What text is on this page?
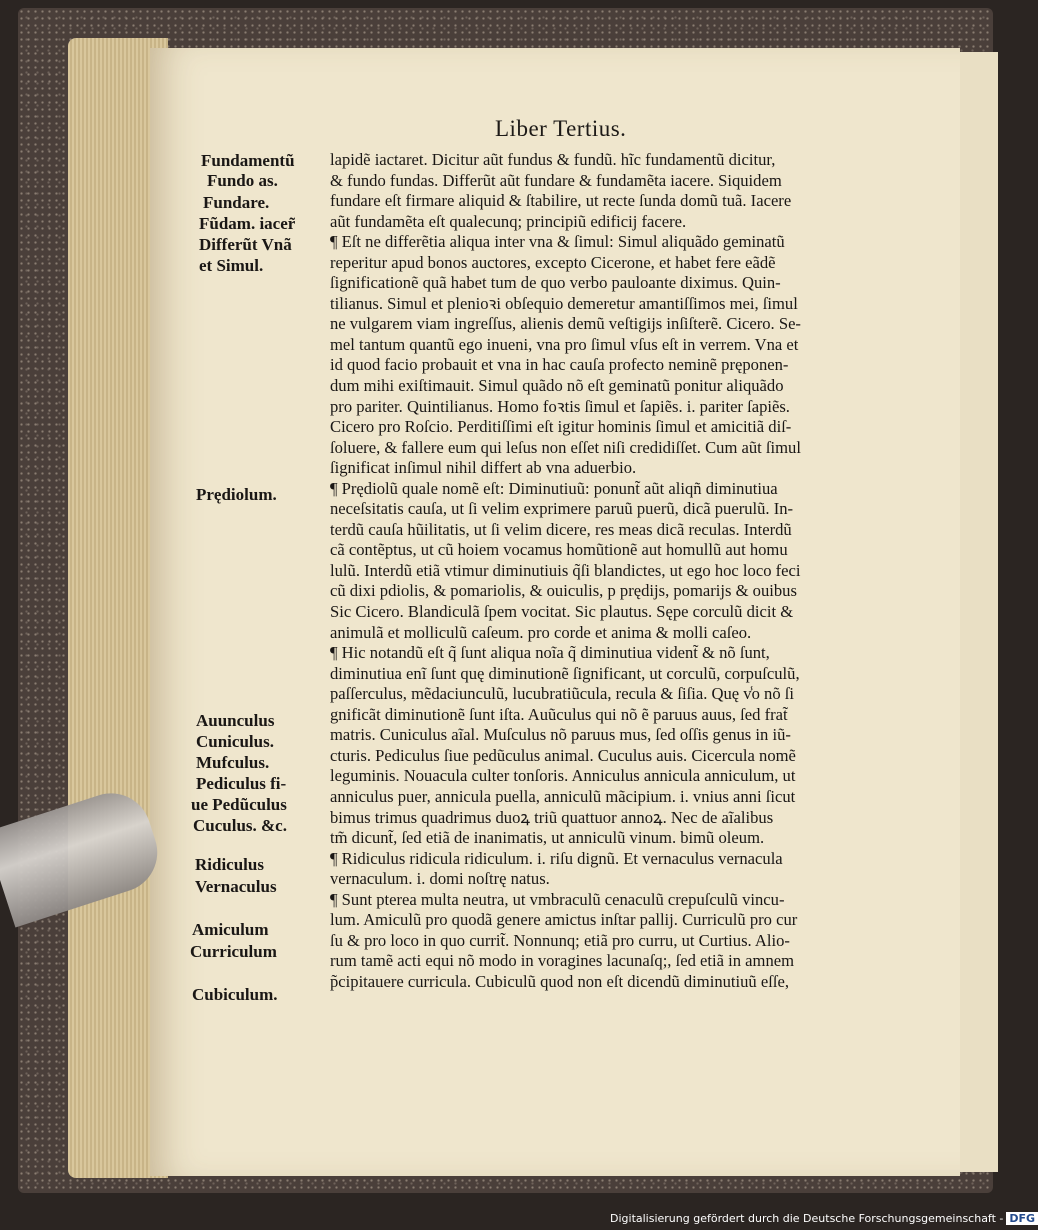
Liber Tertius.
Fundamentũ
Fundo as.
Fundare.
Fũdam. iacer̃
Differũt Vnã
et Simul.
Prędiolum.
Auunculus
Cuniculus.
Mufculus.
Pediculus fi-
ue Pedũculus
Cuculus. &c.
Ridiculus
Vernaculus
Amiculum
Curriculum
Cubiculum.
lapidẽ iactaret. Dicitur aũt fundus & fundũ. hĩc fundamentũ dicitur,
& fundo fundas. Differũt aũt fundare & fundamẽta iacere. Siquidem
fundare eſt firmare aliquid & ſtabilire, ut recte ſunda domũ tuã. Iacere
aũt fundamẽta eſt qualecunq; principiũ edificij facere.
¶ Eſt ne differẽtia aliqua inter vna & ſimul: Simul aliquãdo geminatũ
reperitur apud bonos auctores, excepto Cicerone, et habet fere eãdẽ
ſignificationẽ quã habet tum de quo verbo pauloante diximus. Quin-
tilianus. Simul et plenioꝛi obſequio demeretur amantiſſimos mei, ſimul
ne vulgarem viam ingreſſus, alienis demũ veſtigijs inſiſterẽ. Cicero. Se-
mel tantum quantũ ego inueni, vna pro ſimul vſus eſt in verrem. Vna et
id quod facio probauit et vna in hac cauſa profecto neminẽ pręponen-
dum mihi exiſtimauit. Simul quãdo nõ eſt geminatũ ponitur aliquãdo
pro pariter. Quintilianus. Homo foꝛtis ſimul et ſapiẽs. i. pariter ſapiẽs.
Cicero pro Roſcio. Perditiſſimi eſt igitur hominis ſimul et amicitiã diſ-
ſoluere, & fallere eum qui leſus non eſſet niſi credidiſſet. Cum aũt ſimul
ſignificat inſimul nihil differt ab vna aduerbio.
¶ Prędiolũ quale nomẽ eſt: Diminutiuũ: ponunt̃ aũt aliqñ diminutiua
neceſsitatis cauſa, ut ſi velim exprimere paruũ puerũ, dicã puerulũ. In-
terdũ cauſa hũilitatis, ut ſi velim dicere, res meas dicã reculas. Interdũ
cã contẽptus, ut cũ hoiem vocamus homũtionẽ aut homullũ aut homu
lulũ. Interdũ etiã vtimur diminutiuis q̃ſi blandictes, ut ego hoc loco feci
cũ dixi pdiolis, & pomariolis, & ouiculis, p prędijs, pomarijs & ouibus
Sic Cicero. Blandiculã ſpem vocitat. Sic plautus. Sępe corculũ dicit &
animulã et molliculũ caſeum. pro corde et anima & molli caſeo.
¶ Hic notandũ eſt q̃ ſunt aliqua noĩa q̃ diminutiua vident̃ & nõ ſunt,
diminutiua enĩ ſunt quę diminutionẽ ſignificant, ut corculũ, corpuſculũ,
paſſerculus, mẽdaciunculũ, lucubratiũcula, recula & ſiſia. Quę v̾o nõ ſi
gnificãt diminutionẽ ſunt iſta. Auũculus qui nõ ẽ paruus auus, ſed frat̃
matris. Cuniculus aĩal. Muſculus nõ paruus mus, ſed oſſis genus in iũ-
cturis. Pediculus ſiue pedũculus animal. Cuculus auis. Cicercula nomẽ
leguminis. Nouacula culter tonſoris. Anniculus annicula anniculum, ut
anniculus puer, annicula puella, anniculũ mãcipium. i. vnius anni ſicut
bimus trimus quadrimus duoꝝ triũ quattuor annoꝝ. Nec de aĩalibus
tm̃ dicunt̃, ſed etiã de inanimatis, ut anniculũ vinum. bimũ oleum.
¶ Ridiculus ridicula ridiculum. i. riſu dignũ. Et vernaculus vernacula
vernaculum. i. domi noſtrę natus.
¶ Sunt pterea multa neutra, ut vmbraculũ cenaculũ crepuſculũ vincu-
lum. Amiculũ pro quodã genere amictus inſtar pallij. Curriculũ pro cur
ſu & pro loco in quo currit̃. Nonnunq; etiã pro curru, ut Curtius. Alio-
rum tamẽ acti equi nõ modo in voragines lacunaſq;, ſed etiã in amnem
p̃cipitauere curricula. Cubiculũ quod non eſt dicendũ diminutiuũ eſſe,
Digitalisierung gefördert durch die Deutsche Forschungsgemeinschaft - DFG
